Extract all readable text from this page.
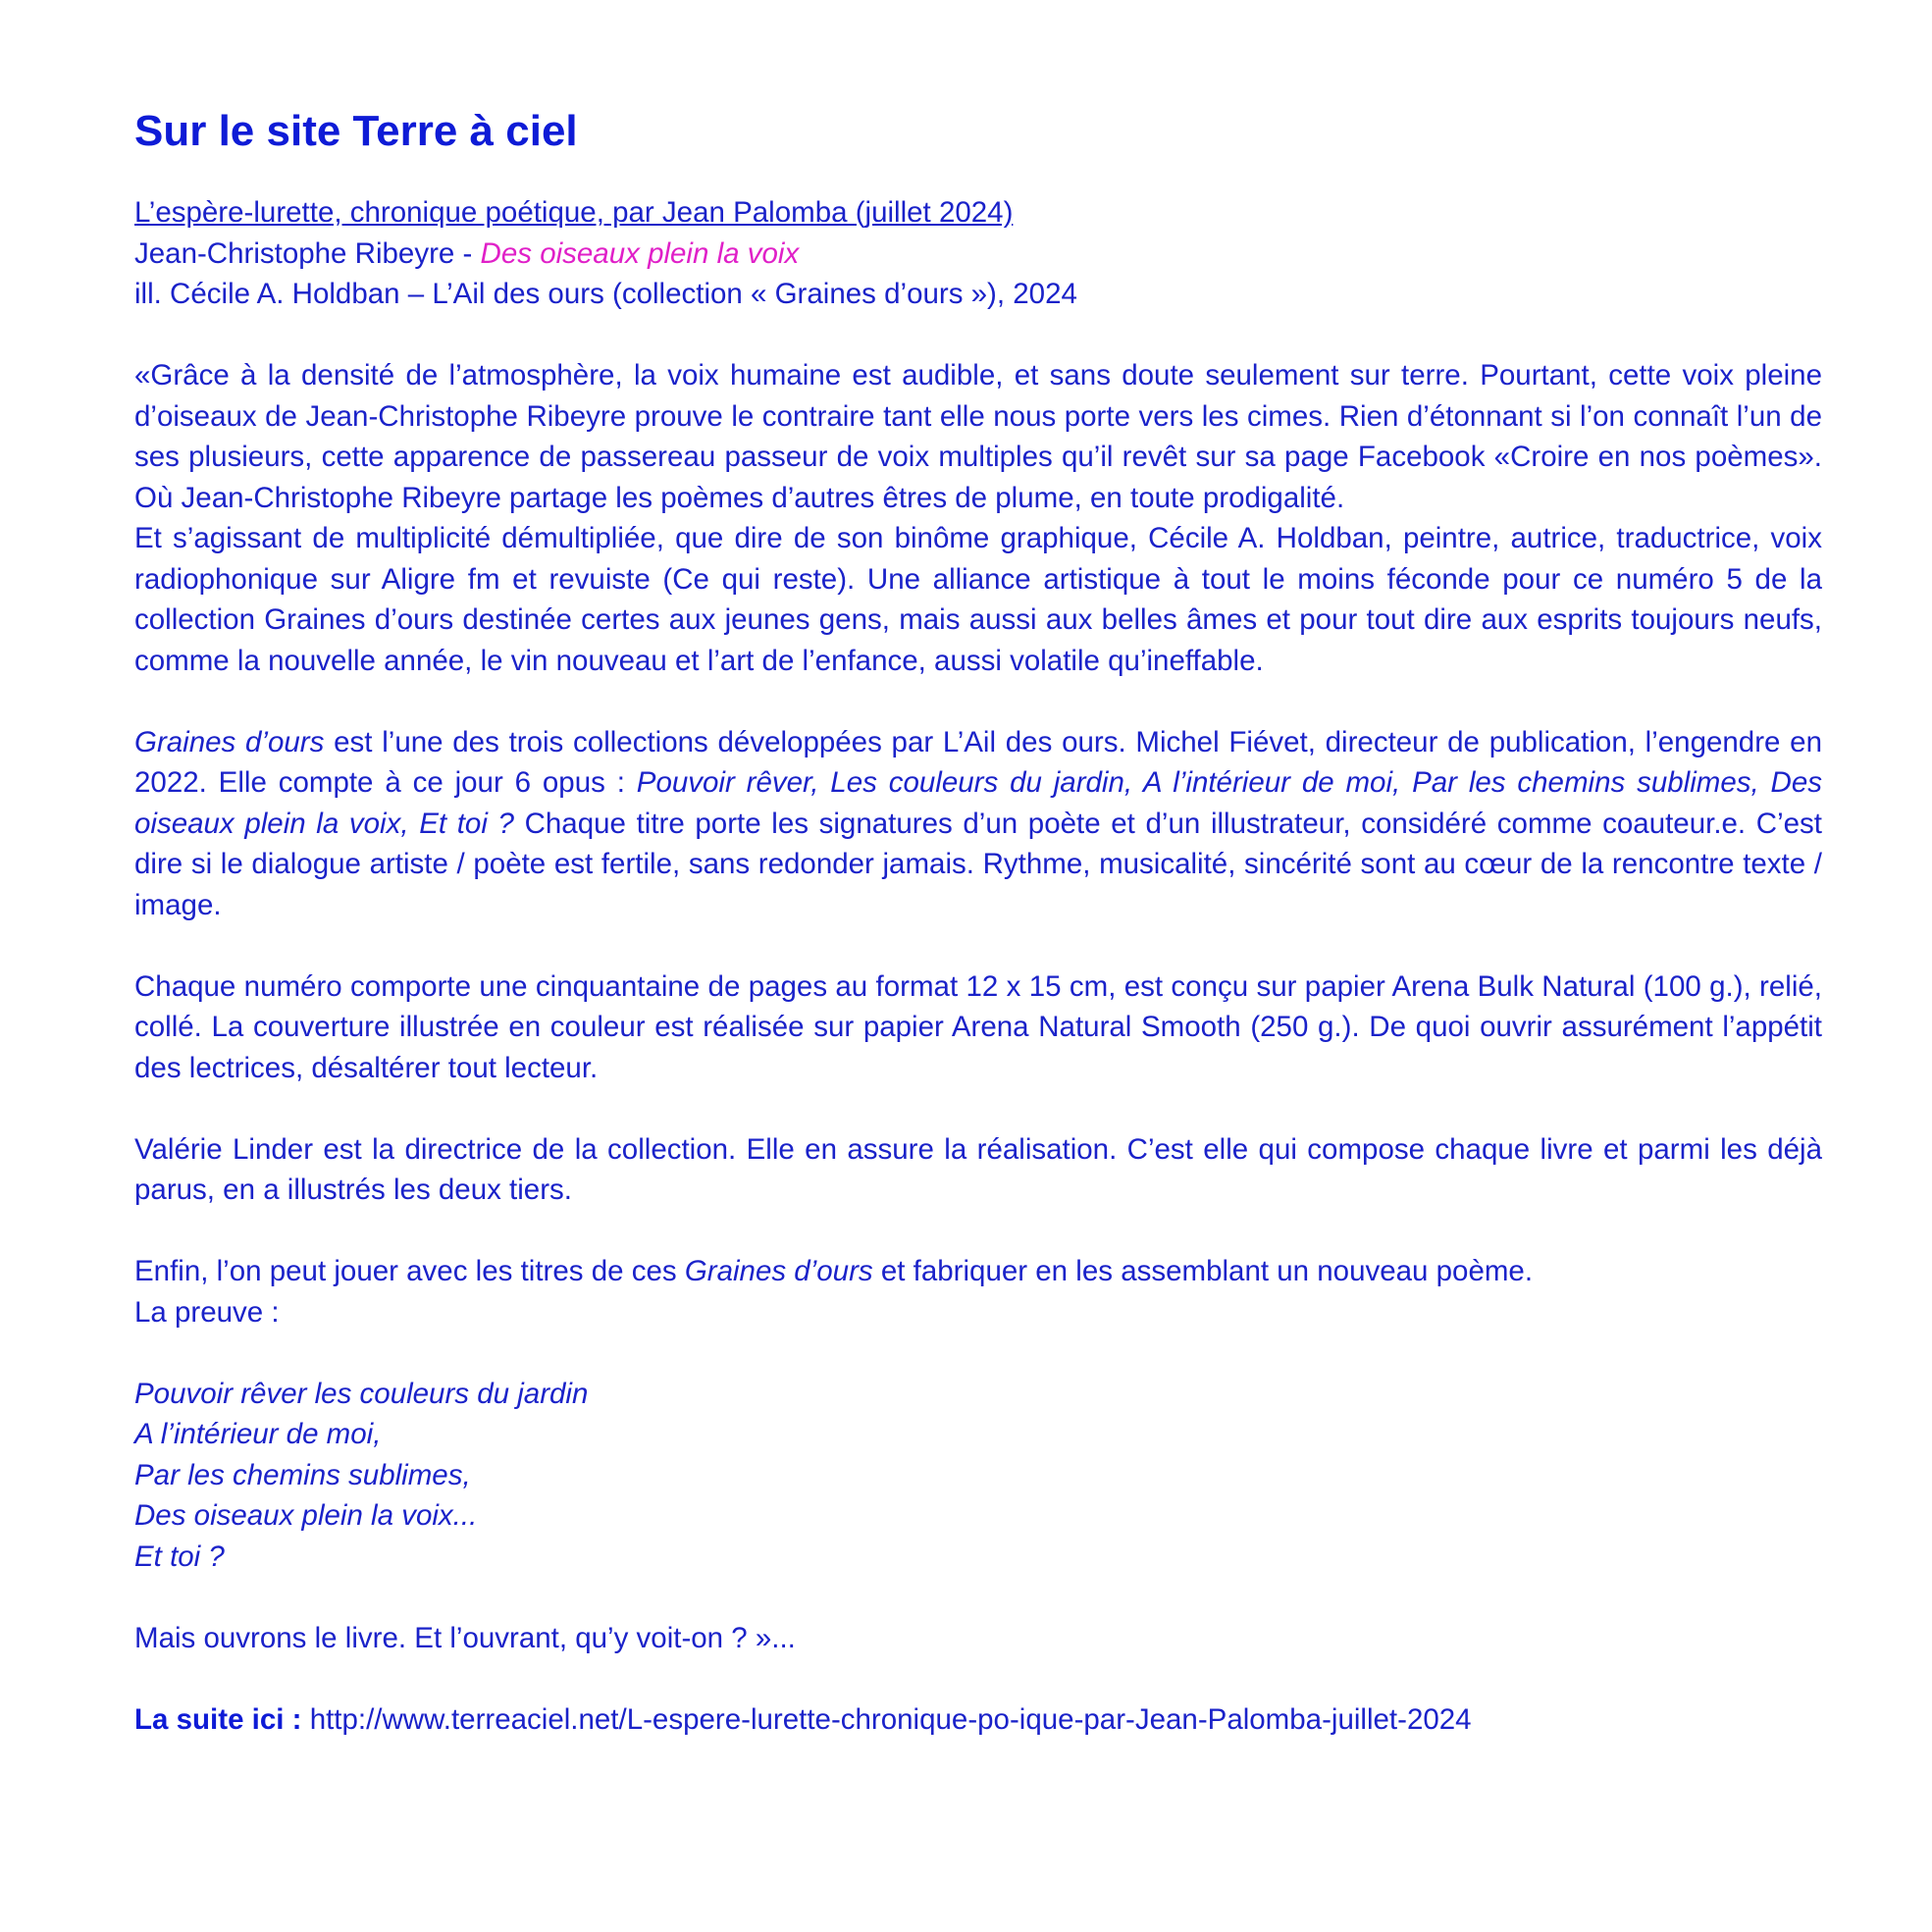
Sur le site Terre à ciel
L’espère-lurette, chronique poétique, par Jean Palomba (juillet 2024)
Jean-Christophe Ribeyre - Des oiseaux plein la voix
ill. Cécile A. Holdban – L’Ail des ours (collection « Graines d’ours »), 2024

«Grâce à la densité de l’atmosphère, la voix humaine est audible, et sans doute seulement sur terre. Pourtant, cette voix pleine d’oiseaux de Jean-Christophe Ribeyre prouve le contraire tant elle nous porte vers les cimes. Rien d’étonnant si l’on connaît l’un de ses plusieurs, cette apparence de passereau passeur de voix multiples qu’il revêt sur sa page Facebook «Croire en nos poèmes». Où Jean-Christophe Ribeyre partage les poèmes d’autres êtres de plume, en toute prodigalité.

Et s’agissant de multiplicité démultipliée, que dire de son binôme graphique, Cécile A. Holdban, peintre, autrice, traductrice, voix radiophonique sur Aligre fm et revuiste (Ce qui reste). Une alliance artistique à tout le moins féconde pour ce numéro 5 de la collection Graines d’ours destinée certes aux jeunes gens, mais aussi aux belles âmes et pour tout dire aux esprits toujours neufs, comme la nouvelle année, le vin nouveau et l’art de l’enfance, aussi volatile qu’ineffable.

Graines d’ours est l’une des trois collections développées par L’Ail des ours. Michel Fiévet, directeur de publication, l’engendre en 2022. Elle compte à ce jour 6 opus : Pouvoir rêver, Les couleurs du jardin, A l’intérieur de moi, Par les chemins sublimes, Des oiseaux plein la voix, Et toi ? Chaque titre porte les signatures d’un poète et d’un illustrateur, considéré comme coauteur.e. C’est dire si le dialogue artiste / poète est fertile, sans redonder jamais. Rythme, musicalité, sincérité sont au cœur de la rencontre texte / image.

Chaque numéro comporte une cinquantaine de pages au format 12 x 15 cm, est conçu sur papier Arena Bulk Natural (100 g.), relié, collé. La couverture illustrée en couleur est réalisée sur papier Arena Natural Smooth (250 g.). De quoi ouvrir assurément l’appétit des lectrices, désaltérer tout lecteur.

Valérie Linder est la directrice de la collection. Elle en assure la réalisation. C’est elle qui compose chaque livre et parmi les déjà parus, en a illustrés les deux tiers.

Enfin, l’on peut jouer avec les titres de ces Graines d’ours et fabriquer en les assemblant un nouveau poème.
La preuve :
Pouvoir rêver les couleurs du jardin
A l’intérieur de moi,
Par les chemins sublimes,
Des oiseaux plein la voix...
Et toi ?
Mais ouvrons le livre. Et l’ouvrant, qu’y voit-on ? »...
La suite ici : http://www.terreaciel.net/L-espere-lurette-chronique-po-ique-par-Jean-Palomba-juillet-2024
